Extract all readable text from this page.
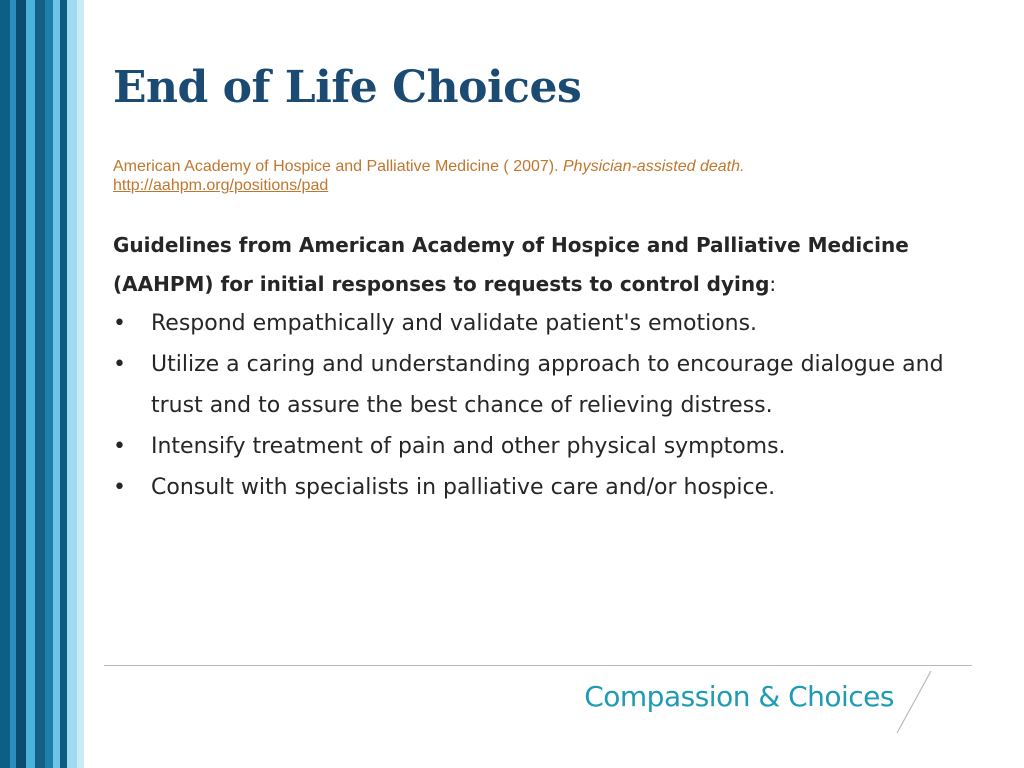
End of Life Choices
American Academy of Hospice and Palliative Medicine ( 2007). Physician-assisted death.
http://aahpm.org/positions/pad
Guidelines from American Academy of Hospice and Palliative Medicine (AAHPM) for initial responses to requests to control dying:
• Respond empathically and validate patient's emotions.
• Utilize a caring and understanding approach to encourage dialogue and trust and to assure the best chance of relieving distress.
• Intensify treatment of pain and other physical symptoms.
• Consult with specialists in palliative care and/or hospice.
Compassion & Choices
